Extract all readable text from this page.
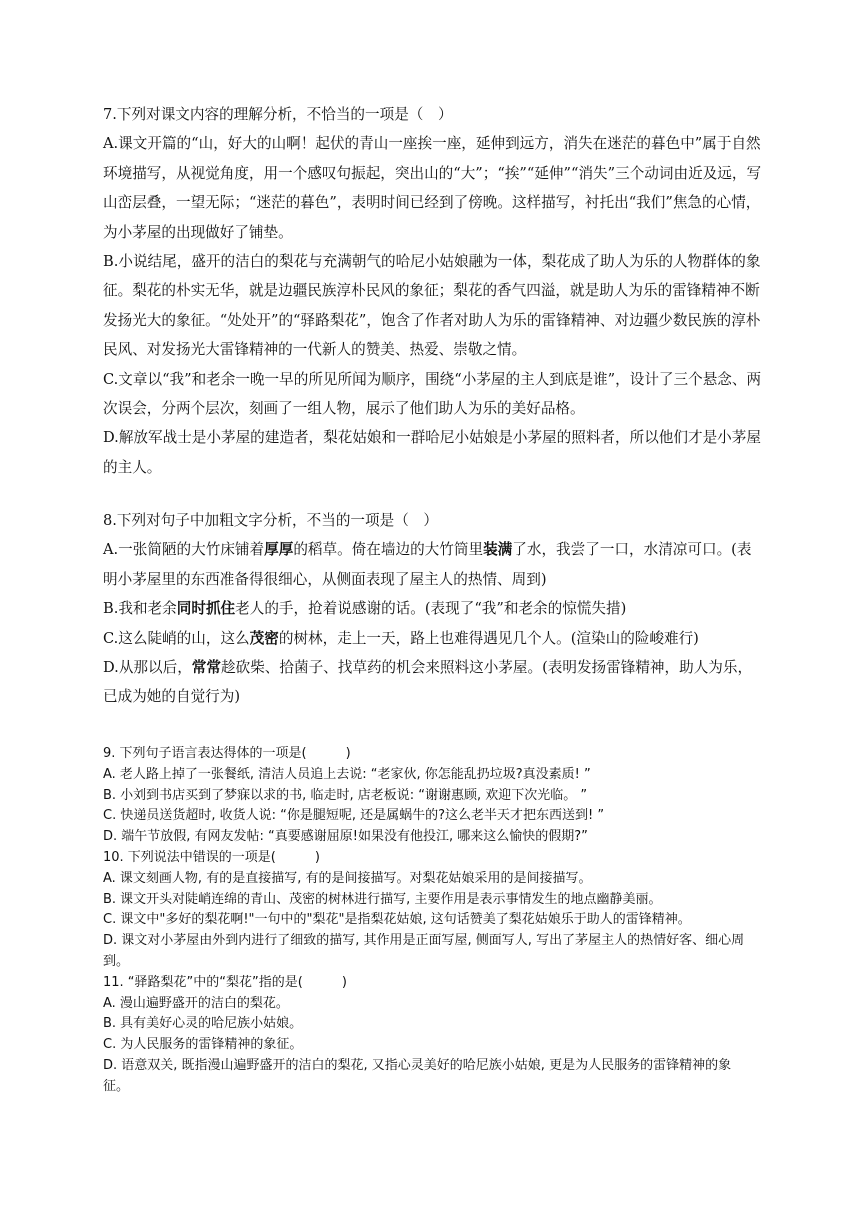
7.下列对课文内容的理解分析，不恰当的一项是（　）

A.课文开篇的“山，好大的山啊！起伏的青山一座挨一座，延伸到远方，消失在迷茫的暮色中”属于自然环境描写，从视觉角度，用一个感叹句振起，突出山的“大”；“挨”“延伸”“消失”三个动词由近及远，写山峦层叠，一望无际；“迷茫的暮色”，表明时间已经到了傍晚。这样描写，衬托出“我们”焦急的心情，为小茅屋的出现做好了铺垫。

B.小说结尾，盛开的洁白的梨花与充满朝气的哈尼小姑娘融为一体，梨花成了助人为乐的人物群体的象征。梨花的朴实无华，就是边疆民族淳朴民风的象征；梨花的香气四溢，就是助人为乐的雷锋精神不断发扬光大的象征。“处处开”的“驿路梨花”，饱含了作者对助人为乐的雷锋精神、对边疆少数民族的淳朴民风、对发扬光大雷锋精神的一代新人的赞美、热爱、崇敬之情。

C.文章以“我”和老余一晚一早的所见所闻为顺序，围绕“小茅屋的主人到底是谁”，设计了三个悬念、两次误会，分两个层次，刻画了一组人物，展示了他们助人为乐的美好品格。

D.解放军战士是小茅屋的建造者，梨花姑娘和一群哈尼小姑娘是小茅屋的照料者，所以他们才是小茅屋的主人。

8.下列对句子中加粗文字分析，不当的一项是（　）

A.一张简陋的大竹床铺着厚厚的稻草。倚在墙边的大竹筒里装满了水，我尝了一口，水清凉可口。(表明小茅屋里的东西准备得很细心，从侧面表现了屋主人的热情、周到)

B.我和老余同时抓住老人的手，抢着说感谢的话。(表现了“我”和老余的惊慌失措)

C.这么陡峭的山，这么茂密的树林，走上一天，路上也难得遇见几个人。(渲染山的险峻难行)

D.从那以后，常常趁砍柴、拾菌子、找草药的机会来照料这小茅屋。(表明发扬雷锋精神，助人为乐，已成为她的自觉行为)

9. 下列句子语言表达得体的一项是(　　　)

A. 老人路上掉了一张餐纸, 清洁人员追上去说: “老家伙, 你怎能乱扔垃圾?真没素质! ”

B. 小刘到书店买到了梦寐以求的书, 临走时, 店老板说: “谢谢惠顾, 欢迎下次光临。 ”

C. 快递员送货超时, 收货人说: “你是腿短呢, 还是属蜗牛的?这么老半天才把东西送到! ”

D. 端午节放假, 有网友发帖: “真要感谢屈原!如果没有他投江, 哪来这么愉快的假期?”

10. 下列说法中错误的一项是(　　　)

A. 课文刻画人物, 有的是直接描写, 有的是间接描写。对梨花姑娘采用的是间接描写。

B. 课文开头对陡峭连绵的青山、茂密的树林进行描写, 主要作用是表示事情发生的地点幽静美丽。

C. 课文中"多好的梨花啊!"一句中的"梨花"是指梨花姑娘, 这句话赞美了梨花姑娘乐于助人的雷锋精神。

D. 课文对小茅屋由外到内进行了细致的描写, 其作用是正面写屋, 侧面写人, 写出了茅屋主人的热情好客、细心周到。

11. “驿路梨花”中的“梨花”指的是(　　　)

A. 漫山遍野盛开的洁白的梨花。

B. 具有美好心灵的哈尼族小姑娘。

C. 为人民服务的雷锋精神的象征。

D. 语意双关, 既指漫山遍野盛开的洁白的梨花, 又指心灵美好的哈尼族小姑娘, 更是为人民服务的雷锋精神的象征。
